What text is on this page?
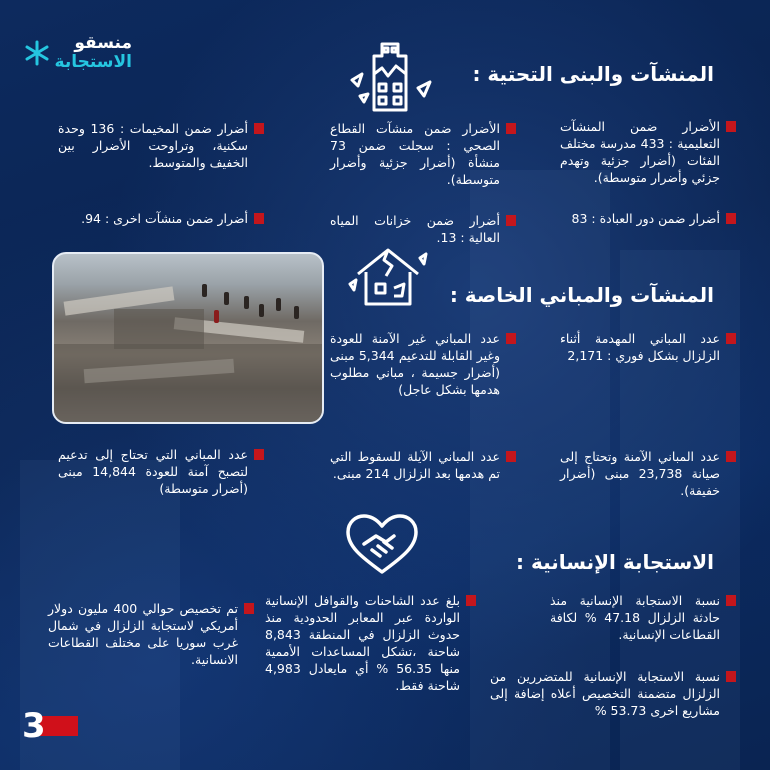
منسقو
الاستجابة	المنشآت والبنى التحتية :
الأضرار ضمن المنشآت التعليمية : 433 مدرسة مختلف الفئات (أضرار جزئية وتهدم جزئي وأضرار متوسطة).
أضرار ضمن دور العبادة : 83
الأضرار ضمن منشآت القطاع الصحي : سجلت ضمن 73 منشأة (أضرار جزئية وأضرار متوسطة).
أضرار ضمن خزانات المياه العالية : 13.
أضرار ضمن المخيمات : 136 وحدة سكنية، وتراوحت الأضرار بين الخفيف والمتوسط.
أضرار ضمن منشآت اخرى : 94.
المنشآت والمباني الخاصة :
عدد المباني المهدمة أثناء الزلزال بشكل فوري : 2,171
عدد المباني الآمنة وتحتاج إلى صيانة 23,738 مبنى (أضرار خفيفة).
عدد المباني غير الآمنة للعودة وغير القابلة للتدعيم 5,344 مبنى (أضرار جسيمة ، مباني مطلوب هدمها بشكل عاجل)
عدد المباني الآيلة للسقوط التي تم هدمها بعد الزلزال 214 مبنى.
عدد المباني التي تحتاج إلى تدعيم لتصبح آمنة للعودة 14,844 مبنى (أضرار متوسطة)
الاستجابة الإنسانية :
نسبة الاستجابة الإنسانية منذ حادثة الزلزال 47.18 % لكافة القطاعات الإنسانية.
نسبة الاستجابة الإنسانية للمتضررين من الزلزال متضمنة التخصيص أعلاه إضافة إلى مشاريع اخرى 53.73 %
بلغ عدد الشاحنات والقوافل الإنسانية الواردة عبر المعابر الحدودية منذ حدوث الزلزال في المنطقة 8,843 شاحنة ،تشكل المساعدات الأممية منها 56.35 % أي مايعادل 4,983 شاحنة فقط.
تم تخصيص حوالي 400 مليون دولار أمريكي لاستجابة الزلزال في شمال غرب سوريا على مختلف القطاعات الانسانية.
3
